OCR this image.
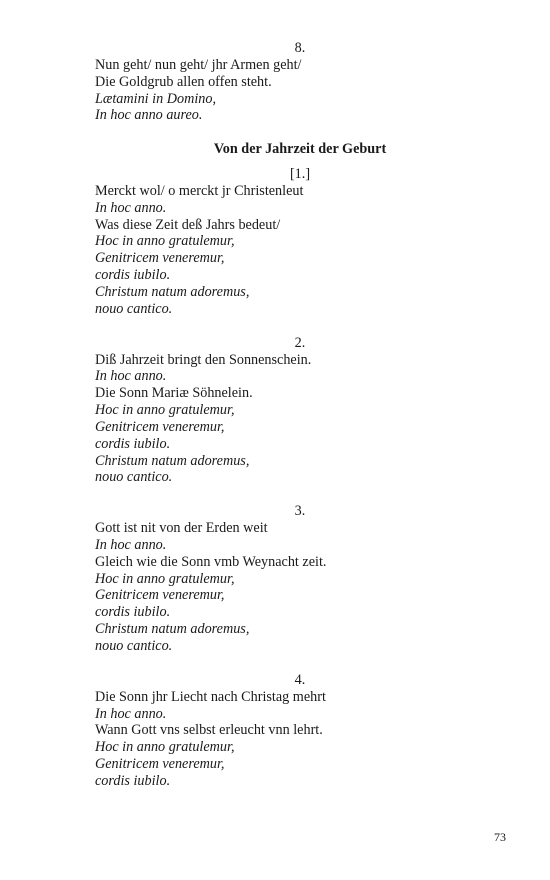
8.
Nun geht/ nun geht/ jhr Armen geht/
Die Goldgrub allen offen steht.
Lætamini in Domino,
In hoc anno aureo.
Von der Jahrzeit der Geburt
[1.]
Merckt wol/ o merckt jr Christenleut
In hoc anno.
Was diese Zeit deß Jahrs bedeut/
Hoc in anno gratulemur,
Genitricem veneremur,
cordis iubilo.
Christum natum adoremus,
nouo cantico.
2.
Diß Jahrzeit bringt den Sonnenschein.
In hoc anno.
Die Sonn Mariæ Söhnelein.
Hoc in anno gratulemur,
Genitricem veneremur,
cordis iubilo.
Christum natum adoremus,
nouo cantico.
3.
Gott ist nit von der Erden weit
In hoc anno.
Gleich wie die Sonn vmb Weynacht zeit.
Hoc in anno gratulemur,
Genitricem veneremur,
cordis iubilo.
Christum natum adoremus,
nouo cantico.
4.
Die Sonn jhr Liecht nach Christag mehrt
In hoc anno.
Wann Gott vns selbst erleucht vnn lehrt.
Hoc in anno gratulemur,
Genitricem veneremur,
cordis iubilo.
73
